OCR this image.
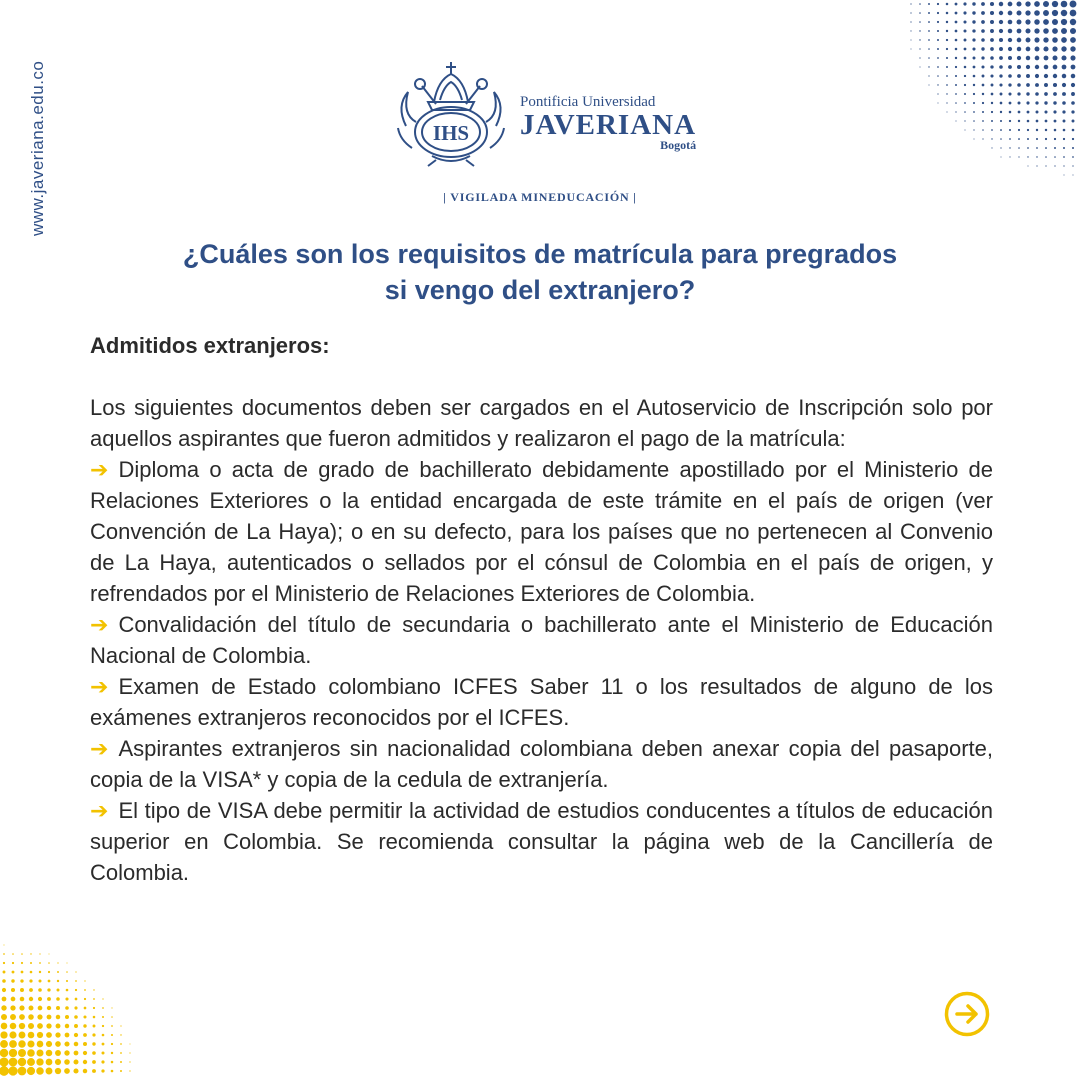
www.javeriana.edu.co	IHS
Pontificia Universidad
JAVERIANA
Bogotá
| VIGILADA MINEDUCACIÓN |
¿Cuáles son los requisitos de matrícula para pregrados
si vengo del extranjero?

Admitidos extranjeros:

Los siguientes documentos deben ser cargados en el Autoservicio de Inscripción solo por aquellos aspirantes que fueron admitidos y realizaron el pago de la matrícula:

➔ Diploma o acta de grado de bachillerato debidamente apostillado por el Ministerio de Relaciones Exteriores o la entidad encargada de este trámite en el país de origen (ver Convención de La Haya); o en su defecto, para los países que no pertenecen al Convenio de La Haya, autenticados o sellados por el cónsul de Colombia en el país de origen, y refrendados por el Ministerio de Relaciones Exteriores de Colombia.

➔ Convalidación del título de secundaria o bachillerato ante el Ministerio de Educación Nacional de Colombia.

➔ Examen de Estado colombiano ICFES Saber 11 o los resultados de alguno de los exámenes extranjeros reconocidos por el ICFES.

➔ Aspirantes extranjeros sin nacionalidad colombiana deben anexar copia del pasaporte, copia de la VISA* y copia de la cedula de extranjería.

➔ El tipo de VISA debe permitir la actividad de estudios conducentes a títulos de educación superior en Colombia. Se recomienda consultar la página web de la Cancillería de Colombia.
